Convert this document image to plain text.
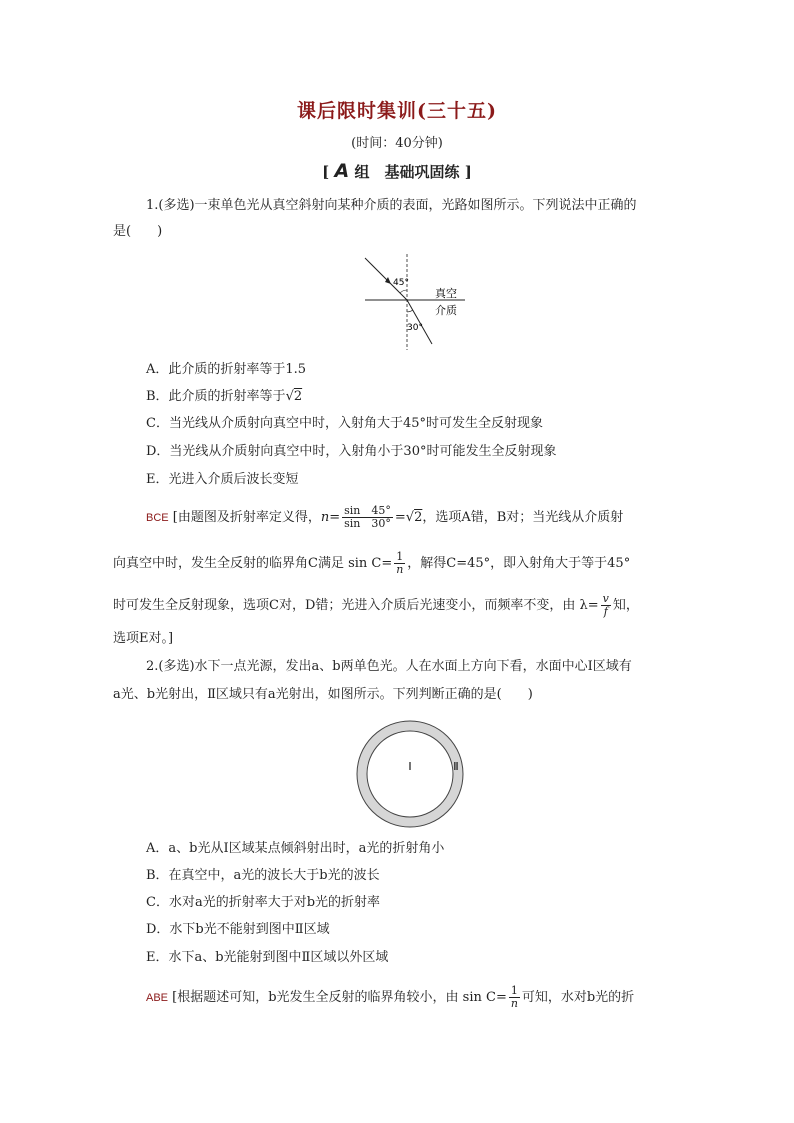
课后限时集训(三十五)
(时间：40分钟)
[ A 组　基础巩固练 ]
1.(多选)一束单色光从真空斜射向某种介质的表面，光路如图所示。下列说法中正确的
是(　　)
45°
30°
真空
介质
A．此介质的折射率等于1.5
B．此介质的折射率等于√2
C．当光线从介质射向真空中时，入射角大于45°时可发生全反射现象
D．当光线从介质射向真空中时，入射角小于30°时可能发生全反射现象
E．光进入介质后波长变短
BCE [由题图及折射率定义得，$n= \frac{\sin 45^\circ}{\sin 30^\circ} =√2$，选项A错，B对；当光线从介质射
向真空中时，发生全反射的临界角C满足 $\sin C= \frac{1}{n}$ ，解得C=45°，即入射角大于等于45°
时可发生全反射现象，选项C对，D错；光进入介质后光速变小，而频率不变，由 $\lambda= \frac{v}{f}$ 知，
选项E对。]
2.(多选)水下一点光源，发出a、b两单色光。人在水面上方向下看，水面中心Ⅰ区域有
a光、b光射出，Ⅱ区域只有a光射出，如图所示。下列判断正确的是(　　)
Ⅰ	Ⅱ
A．a、b光从Ⅰ区域某点倾斜射出时，a光的折射角小
B．在真空中，a光的波长大于b光的波长
C．水对a光的折射率大于对b光的折射率
D．水下b光不能射到图中Ⅱ区域
E．水下a、b光能射到图中Ⅱ区域以外区域
ABE [根据题述可知，b光发生全反射的临界角较小，由 $\sin C= \frac{1}{n}$ 可知，水对b光的折
